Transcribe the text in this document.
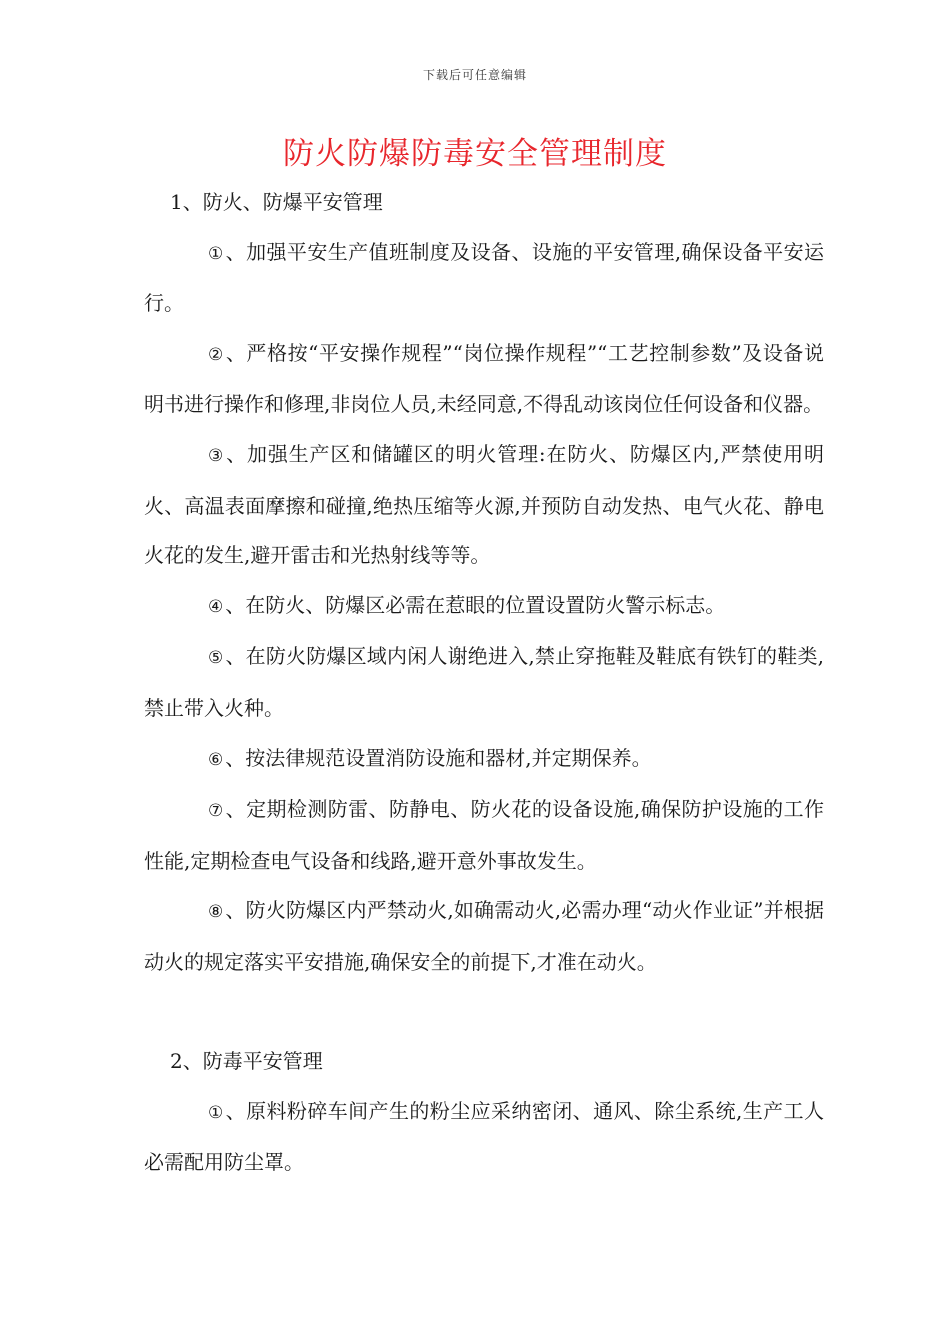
下载后可任意编辑
防火防爆防毒安全管理制度

1、防火、防爆平安管理

① 、加强平安生产值班制度及设备、设施的平安管理,确保设备平安运行。

② 、严格按“平安操作规程”“岗位操作规程”“工艺控制参数”及设备说明书进行操作和修理,非岗位人员,未经同意,不得乱动该岗位任何设备和仪器。

③ 、加强生产区和储罐区的明火管理:在防火、防爆区内,严禁使用明火、高温表面摩擦和碰撞,绝热压缩等火源,并预防自动发热、电气火花、静电火花的发生,避开雷击和光热射线等等。

④ 、在防火、防爆区必需在惹眼的位置设置防火警示标志。

⑤ 、在防火防爆区域内闲人谢绝进入,禁止穿拖鞋及鞋底有铁钉的鞋类,禁止带入火种。

⑥ 、按法律规范设置消防设施和器材,并定期保养。

⑦ 、定期检测防雷、防静电、防火花的设备设施,确保防护设施的工作性能,定期检查电气设备和线路,避开意外事故发生。

⑧ 、防火防爆区内严禁动火,如确需动火,必需办理“动火作业证”并根据动火的规定落实平安措施,确保安全的前提下,才准在动火。

2、防毒平安管理

① 、原料粉碎车间产生的粉尘应采纳密闭、通风、除尘系统,生产工人必需配用防尘罩。
